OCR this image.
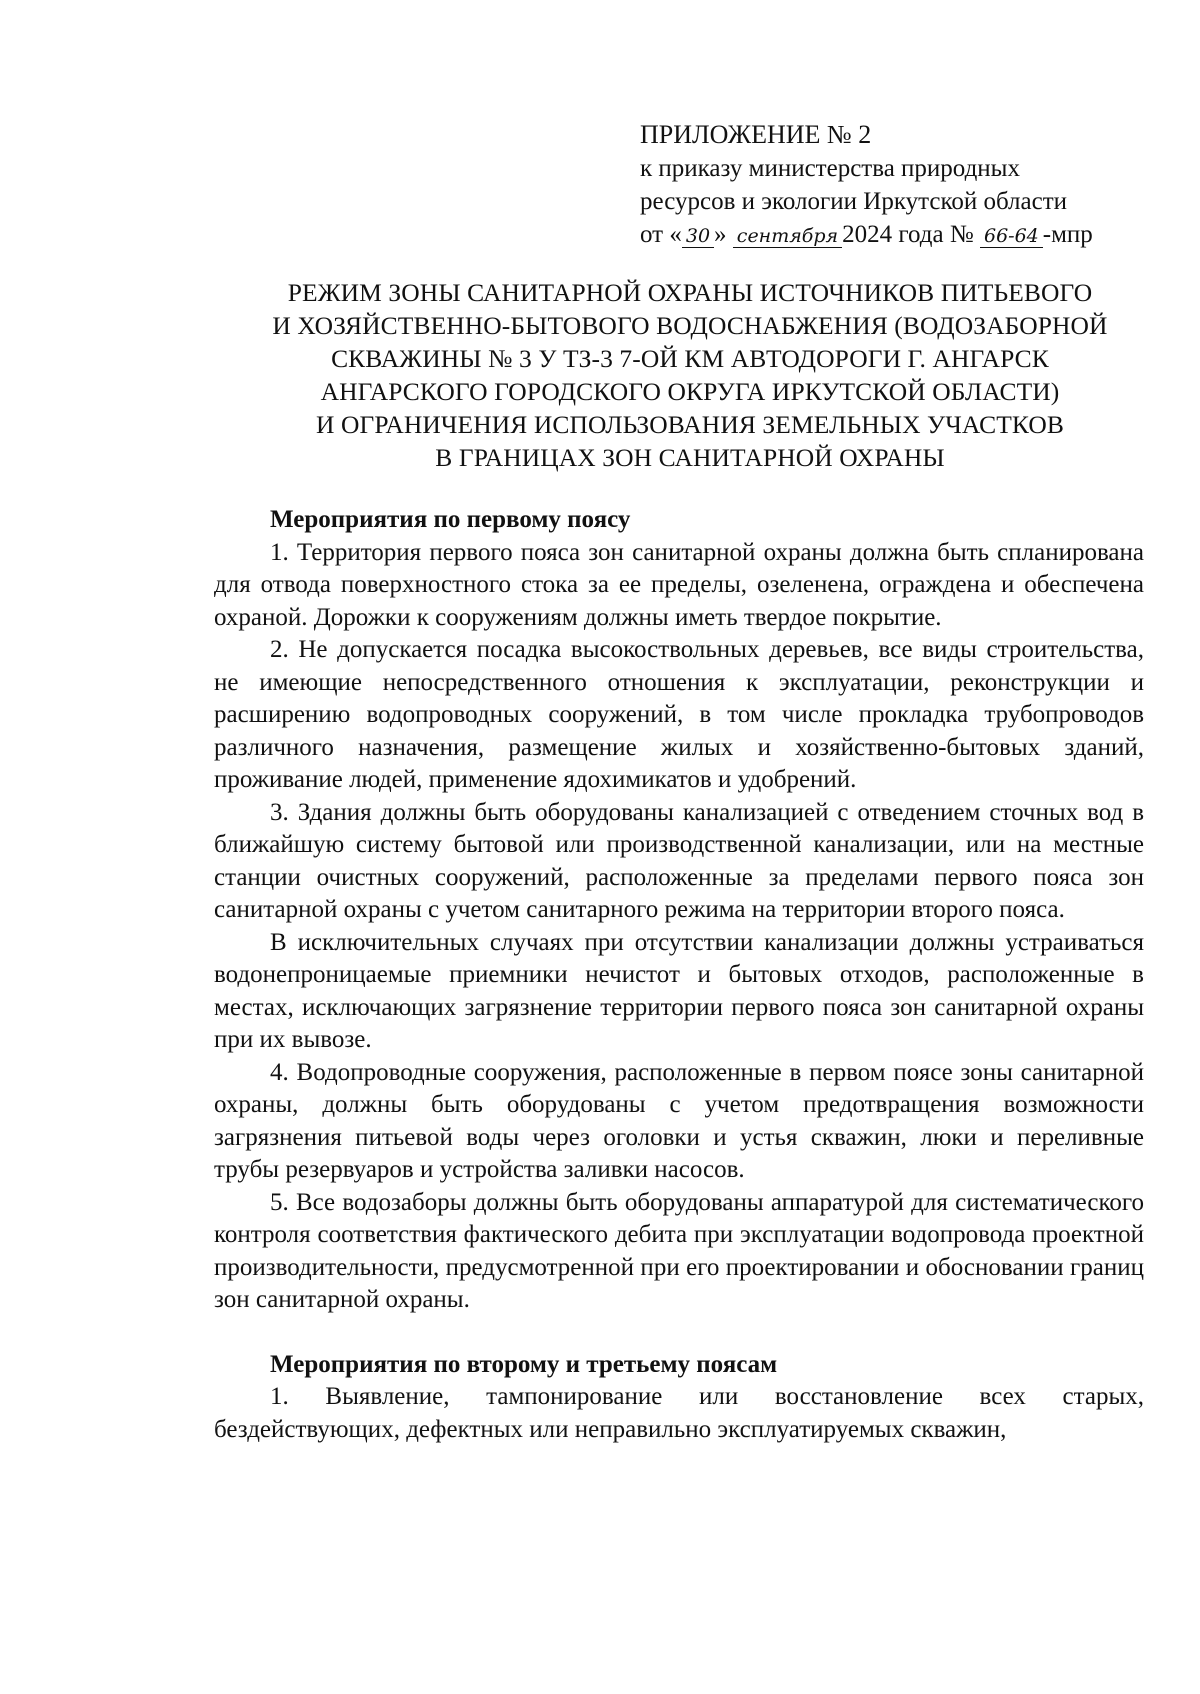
ПРИЛОЖЕНИЕ № 2
к приказу министерства природных
ресурсов и экологии Иркутской области
от « 30 » сентября 2024 года № 66-64 -мпр
РЕЖИМ ЗОНЫ САНИТАРНОЙ ОХРАНЫ ИСТОЧНИКОВ ПИТЬЕВОГО
И ХОЗЯЙСТВЕННО-БЫТОВОГО ВОДОСНАБЖЕНИЯ (ВОДОЗАБОРНОЙ
СКВАЖИНЫ № 3 У ТЗ-3 7-ОЙ КМ АВТОДОРОГИ Г. АНГАРСК
АНГАРСКОГО ГОРОДСКОГО ОКРУГА ИРКУТСКОЙ ОБЛАСТИ)
И ОГРАНИЧЕНИЯ ИСПОЛЬЗОВАНИЯ ЗЕМЕЛЬНЫХ УЧАСТКОВ
В ГРАНИЦАХ ЗОН САНИТАРНОЙ ОХРАНЫ
Мероприятия по первому поясу

1. Территория первого пояса зон санитарной охраны должна быть спланирована для отвода поверхностного стока за ее пределы, озеленена, ограждена и обеспечена охраной. Дорожки к сооружениям должны иметь твердое покрытие.

2. Не допускается посадка высокоствольных деревьев, все виды строительства, не имеющие непосредственного отношения к эксплуатации, реконструкции и расширению водопроводных сооружений, в том числе прокладка трубопроводов различного назначения, размещение жилых и хозяйственно-бытовых зданий, проживание людей, применение ядохимикатов и удобрений.

3. Здания должны быть оборудованы канализацией с отведением сточных вод в ближайшую систему бытовой или производственной канализации, или на местные станции очистных сооружений, расположенные за пределами первого пояса зон санитарной охраны с учетом санитарного режима на территории второго пояса.

В исключительных случаях при отсутствии канализации должны устраиваться водонепроницаемые приемники нечистот и бытовых отходов, расположенные в местах, исключающих загрязнение территории первого пояса зон санитарной охраны при их вывозе.

4. Водопроводные сооружения, расположенные в первом поясе зоны санитарной охраны, должны быть оборудованы с учетом предотвращения возможности загрязнения питьевой воды через оголовки и устья скважин, люки и переливные трубы резервуаров и устройства заливки насосов.

5. Все водозаборы должны быть оборудованы аппаратурой для систематического контроля соответствия фактического дебита при эксплуатации водопровода проектной производительности, предусмотренной при его проектировании и обосновании границ зон санитарной охраны.

Мероприятия по второму и третьему поясам

1. Выявление, тампонирование или восстановление всех старых, бездействующих, дефектных или неправильно эксплуатируемых скважин,
